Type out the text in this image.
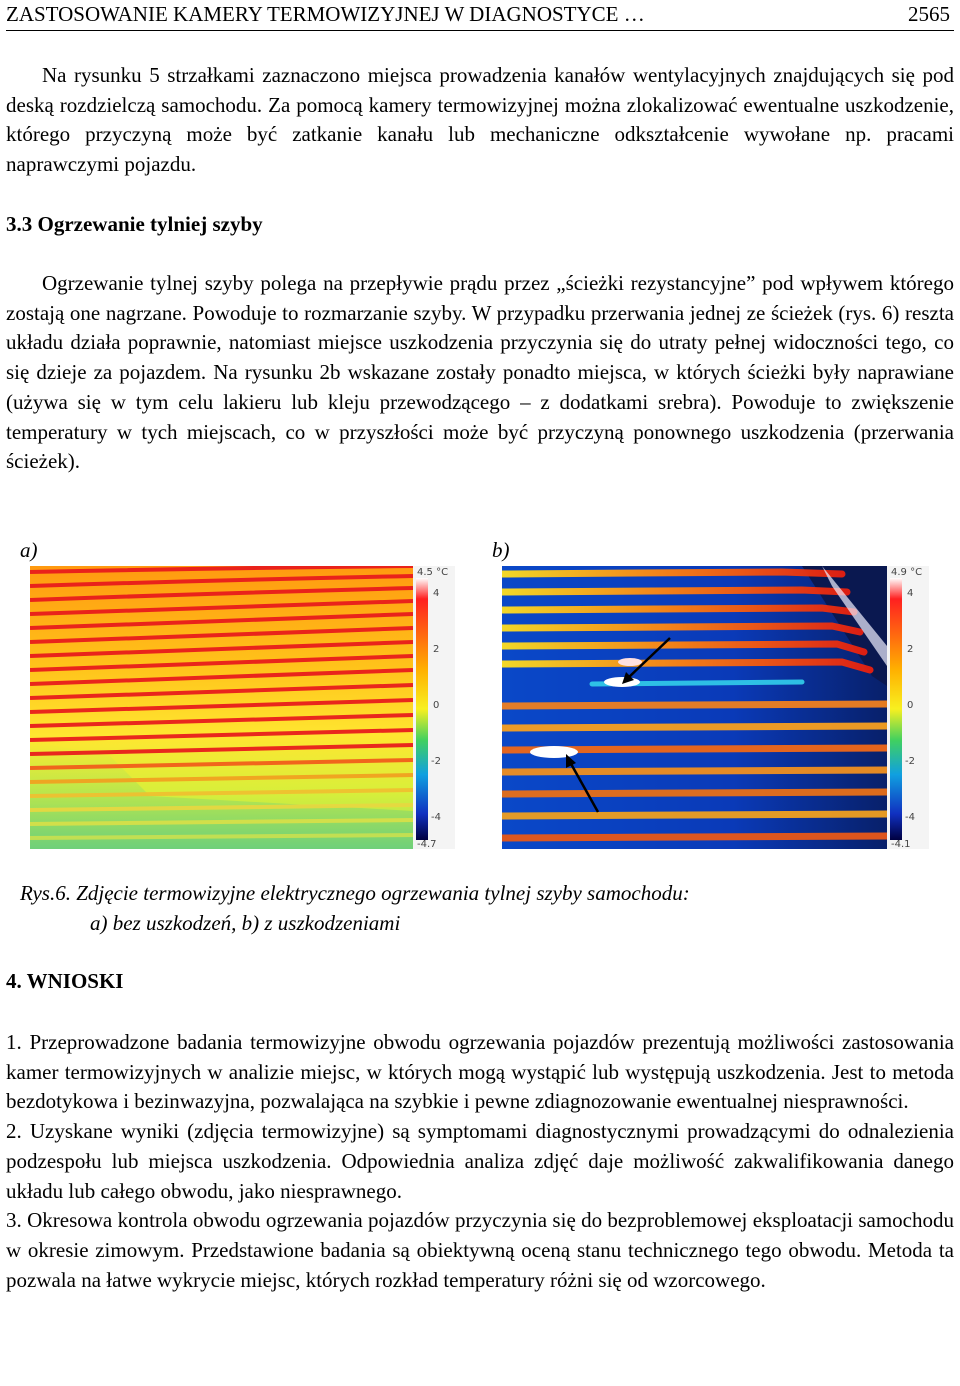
ZASTOSOWANIE KAMERY TERMOWIZYJNEJ W DIAGNOSTYCE …	2565
Na rysunku 5 strzałkami zaznaczono miejsca prowadzenia kanałów wentylacyjnych znajdujących się pod deską rozdzielczą samochodu. Za pomocą kamery termowizyjnej można zlokalizować ewentualne uszkodzenie, którego przyczyną może być zatkanie kanału lub mechaniczne odkształcenie wywołane np. pracami naprawczymi pojazdu.
3.3 Ogrzewanie tylniej szyby
Ogrzewanie tylnej szyby polega na przepływie prądu przez „ścieżki rezystancyjne” pod wpływem którego zostają one nagrzane. Powoduje to rozmarzanie szyby. W przypadku przerwania jednej ze ścieżek (rys. 6) reszta układu działa poprawnie, natomiast miejsce uszkodzenia przyczynia się do utraty pełnej widoczności tego, co się dzieje za pojazdem. Na rysunku 2b wskazane zostały ponadto miejsca, w których ścieżki były naprawiane (używa się w tym celu lakieru lub kleju przewodzącego – z dodatkami srebra). Powoduje to zwiększenie temperatury w tych miejscach, co w przyszłości może być przyczyną ponownego uszkodzenia (przerwania ścieżek).
a)	b)
4.5 °C
4
2
0
-2
-4
-4.7
4.9 °C
4
2
0
-2
-4
-4.1
Rys.6. Zdjęcie termowizyjne elektrycznego ogrzewania tylnej szyby samochodu:
a) bez uszkodzeń, b) z uszkodzeniami
4. WNIOSKI
1. Przeprowadzone badania termowizyjne obwodu ogrzewania pojazdów prezentują możliwości zastosowania kamer termowizyjnych w analizie miejsc, w których mogą wystąpić lub występują uszkodzenia. Jest to metoda bezdotykowa i bezinwazyjna, pozwalająca na szybkie i pewne zdiagnozowanie ewentualnej niesprawności.
2. Uzyskane wyniki (zdjęcia termowizyjne) są symptomami diagnostycznymi prowadzącymi do odnalezienia podzespołu lub miejsca uszkodzenia. Odpowiednia analiza zdjęć daje możliwość zakwalifikowania danego układu lub całego obwodu, jako niesprawnego.
3. Okresowa kontrola obwodu ogrzewania pojazdów przyczynia się do bezproblemowej eksploatacji samochodu w okresie zimowym. Przedstawione badania są obiektywną oceną stanu technicznego tego obwodu. Metoda ta pozwala na łatwe wykrycie miejsc, których rozkład temperatury różni się od wzorcowego.
